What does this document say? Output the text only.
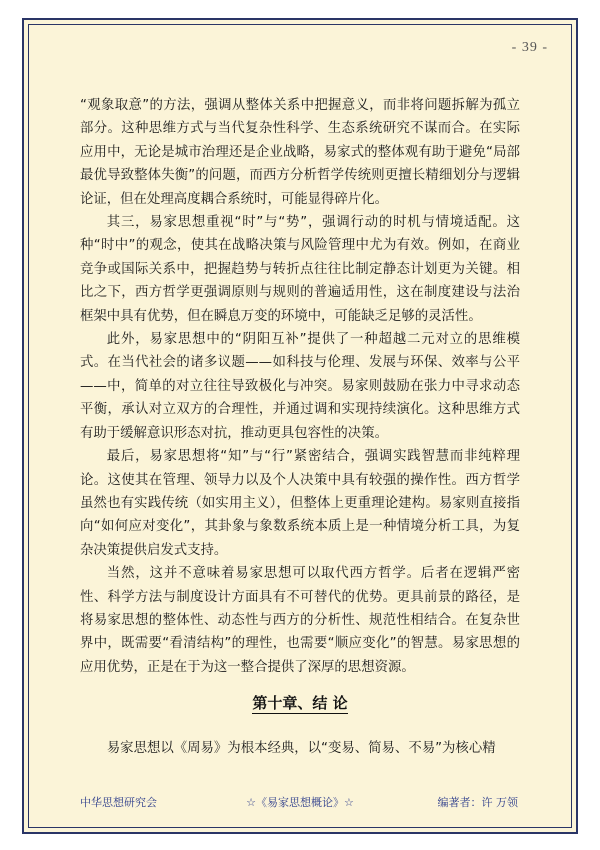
- 39 -

“观象取意”的方法，强调从整体关系中把握意义，而非将问题拆解为孤立部分。这种思维方式与当代复杂性科学、生态系统研究不谋而合。在实际应用中，无论是城市治理还是企业战略，易家式的整体观有助于避免“局部最优导致整体失衡”的问题，而西方分析哲学传统则更擅长精细划分与逻辑论证，但在处理高度耦合系统时，可能显得碎片化。

其三，易家思想重视“时”与“势”，强调行动的时机与情境适配。这种“时中”的观念，使其在战略决策与风险管理中尤为有效。例如，在商业竞争或国际关系中，把握趋势与转折点往往比制定静态计划更为关键。相比之下，西方哲学更强调原则与规则的普遍适用性，这在制度建设与法治框架中具有优势，但在瞬息万变的环境中，可能缺乏足够的灵活性。

此外，易家思想中的“阴阳互补”提供了一种超越二元对立的思维模式。在当代社会的诸多议题——如科技与伦理、发展与环保、效率与公平——中，简单的对立往往导致极化与冲突。易家则鼓励在张力中寻求动态平衡，承认对立双方的合理性，并通过调和实现持续演化。这种思维方式有助于缓解意识形态对抗，推动更具包容性的决策。

最后，易家思想将“知”与“行”紧密结合，强调实践智慧而非纯粹理论。这使其在管理、领导力以及个人决策中具有较强的操作性。西方哲学虽然也有实践传统（如实用主义），但整体上更重理论建构。易家则直接指向“如何应对变化”，其卦象与象数系统本质上是一种情境分析工具，为复杂决策提供启发式支持。

当然，这并不意味着易家思想可以取代西方哲学。后者在逻辑严密性、科学方法与制度设计方面具有不可替代的优势。更具前景的路径，是将易家思想的整体性、动态性与西方的分析性、规范性相结合。在复杂世界中，既需要“看清结构”的理性，也需要“顺应变化”的智慧。易家思想的应用优势，正是在于为这一整合提供了深厚的思想资源。

第十章、结 论

易家思想以《周易》为根本经典，以“变易、简易、不易”为核心精

中华思想研究会	☆《易家思想概论》☆	编著者：许 万领
